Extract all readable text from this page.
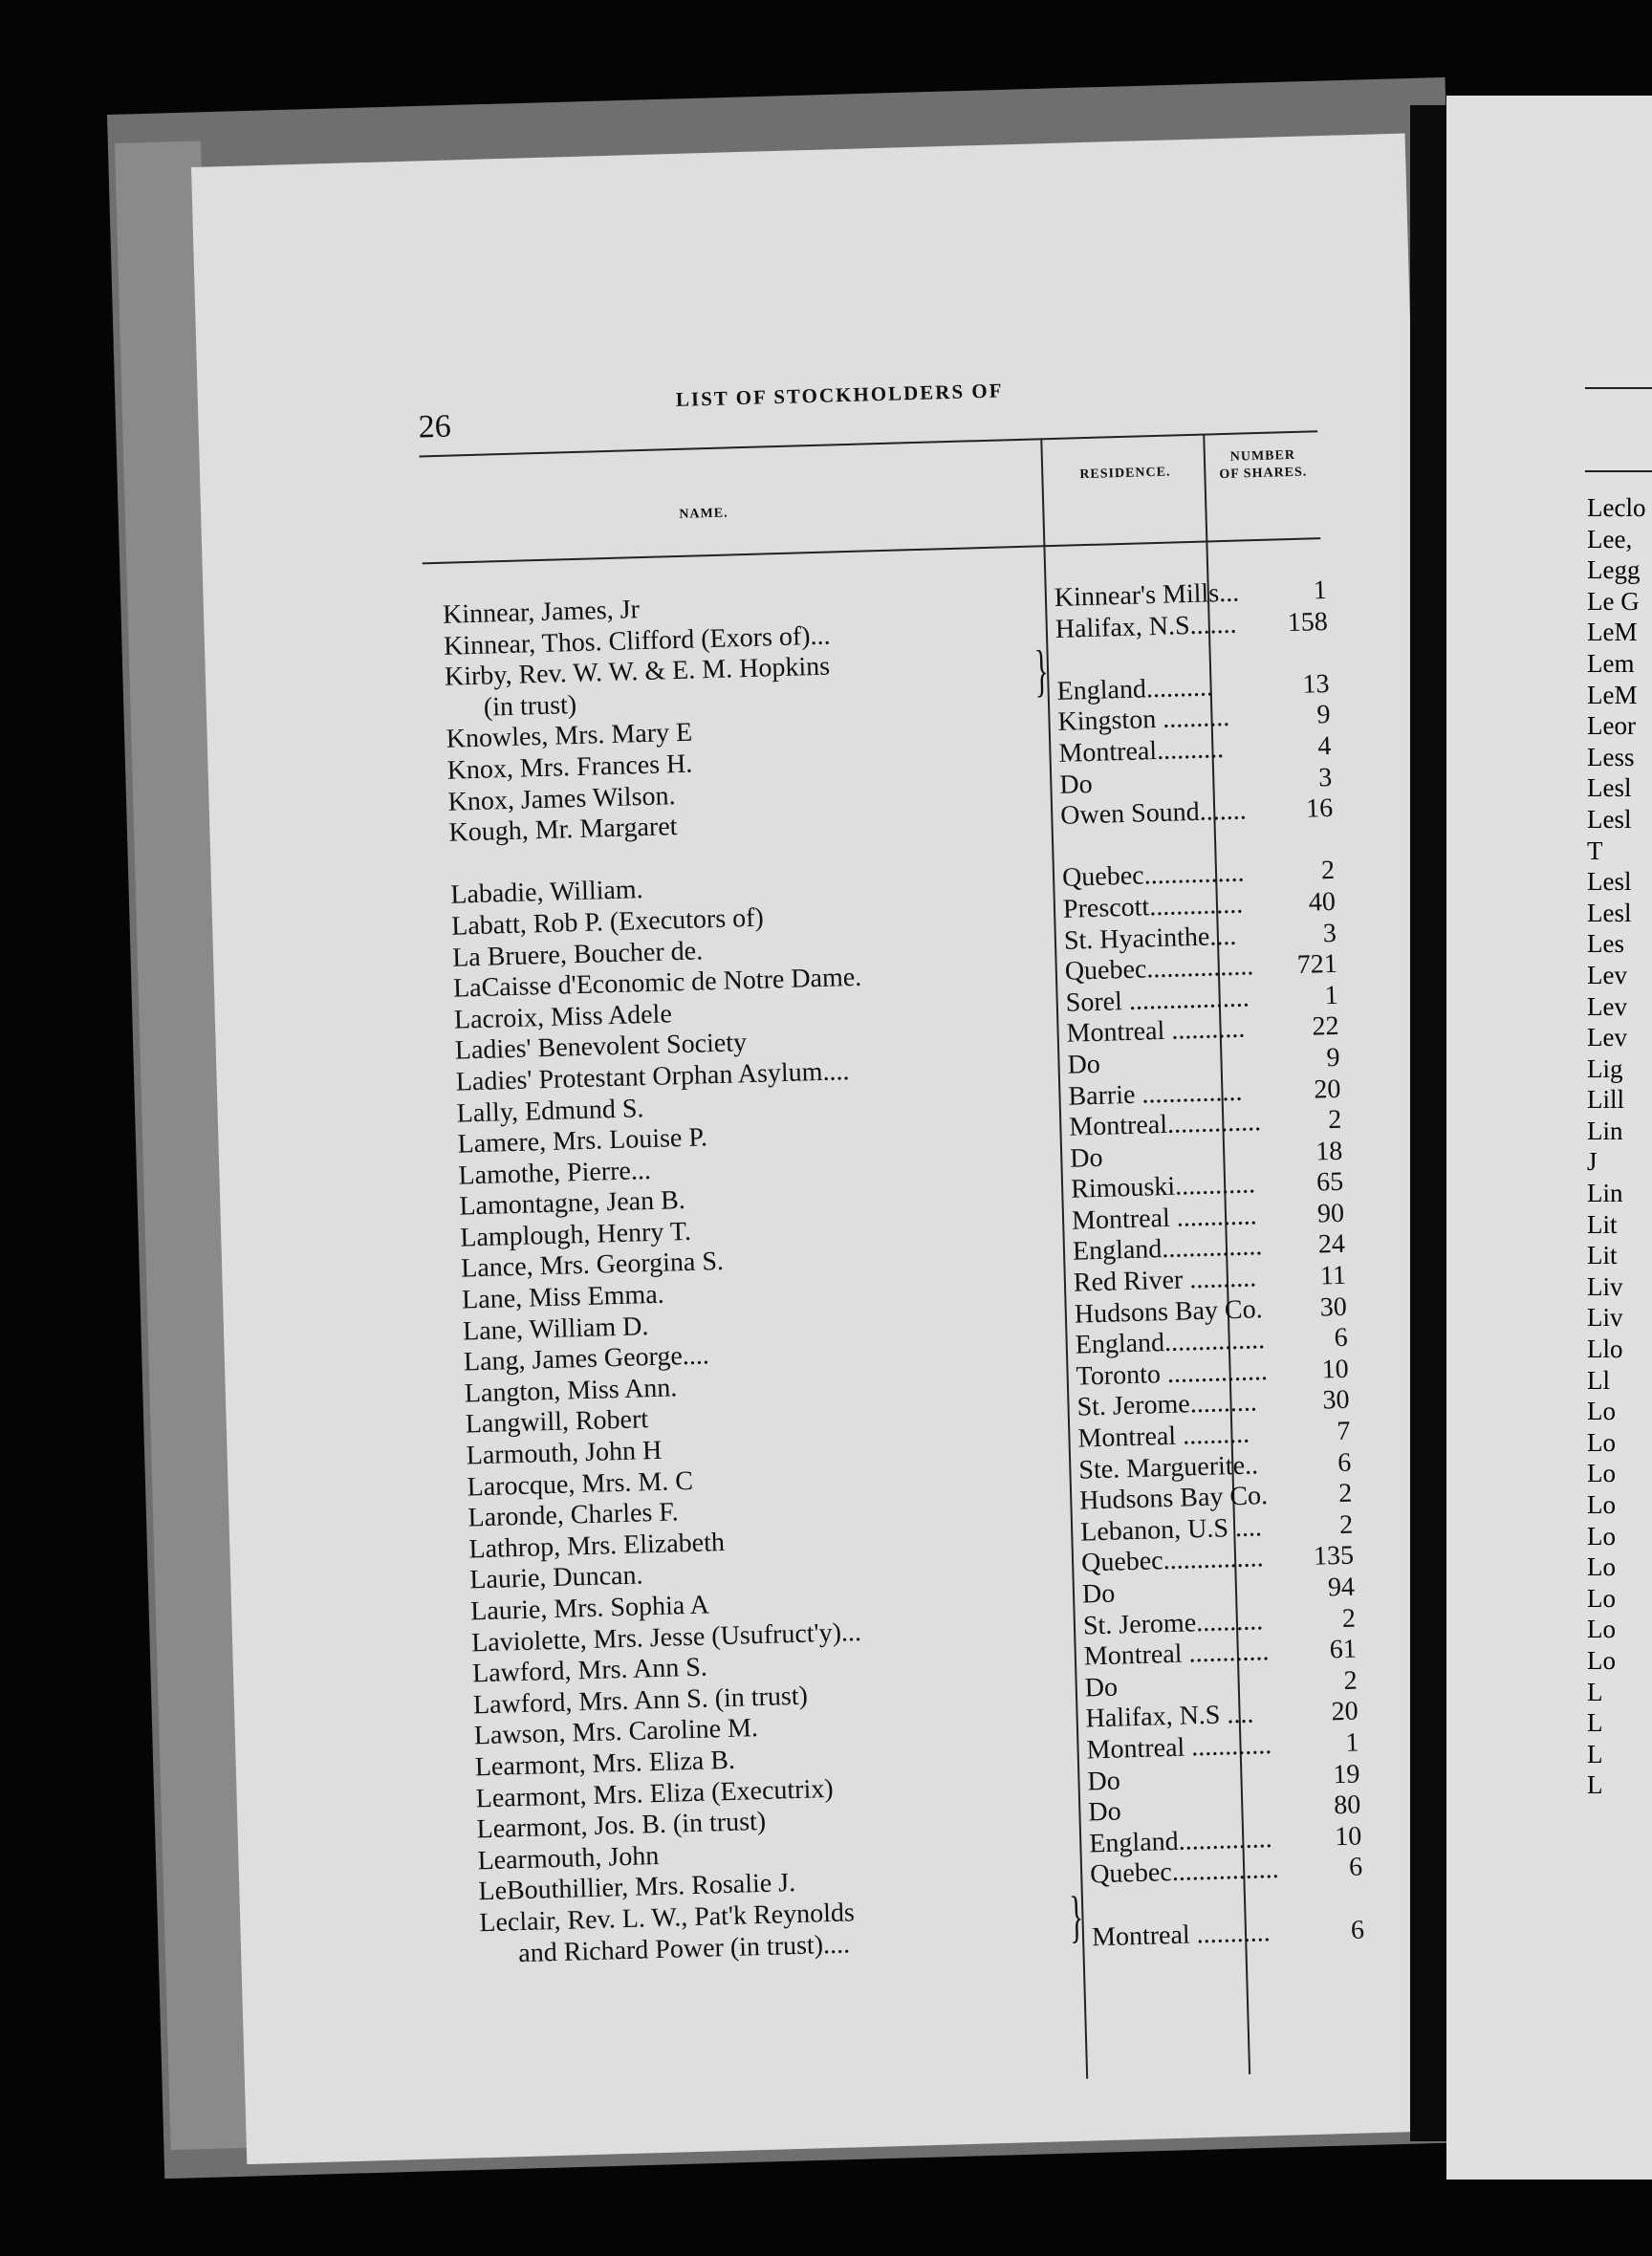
26
LIST OF STOCKHOLDERS OF
NAME.
RESIDENCE.
NUMBER
OF SHARES.
Kinnear, James, Jr	Kinnear's Mills...	1
Kinnear, Thos. Clifford (Exors of)...	Halifax, N.S.......	158
Kirby, Rev. W. W. & E. M. Hopkins
(in trust)	England..........	13
Knowles, Mrs. Mary E	Kingston ..........	9
Knox, Mrs. Frances H.	Montreal..........	4
Knox, James Wilson.	Do	3
Kough, Mr. Margaret	Owen Sound.......	16
Labadie, William.	Quebec...............	2
Labatt, Rob P. (Executors of)	Prescott..............	40
La Bruere, Boucher de.	St. Hyacinthe....	3
LaCaisse d'Economic de Notre Dame.	Quebec................	721
Lacroix, Miss Adele	Sorel ..................	1
Ladies' Benevolent Society	Montreal ...........	22
Ladies' Protestant Orphan Asylum....	Do	9
Lally, Edmund S.	Barrie ...............	20
Lamere, Mrs. Louise P.	Montreal..............	2
Lamothe, Pierre...	Do	18
Lamontagne, Jean B.	Rimouski............	65
Lamplough, Henry T.	Montreal ............	90
Lance, Mrs. Georgina S.	England...............	24
Lane, Miss Emma.	Red River ..........	11
Lane, William D.	Hudsons Bay Co.	30
Lang, James George....	England...............	6
Langton, Miss Ann.	Toronto ...............	10
Langwill, Robert	St. Jerome..........	30
Larmouth, John H	Montreal ..........	7
Larocque, Mrs. M. C	Ste. Marguerite..	6
Laronde, Charles F.	Hudsons Bay Co.	2
Lathrop, Mrs. Elizabeth	Lebanon, U.S ....	2
Laurie, Duncan.	Quebec...............	135
Laurie, Mrs. Sophia A	Do	94
Laviolette, Mrs. Jesse (Usufruct'y)...	St. Jerome..........	2
Lawford, Mrs. Ann S.	Montreal ............	61
Lawford, Mrs. Ann S. (in trust)	Do	2
Lawson, Mrs. Caroline M.	Halifax, N.S ....	20
Learmont, Mrs. Eliza B.	Montreal ............	1
Learmont, Mrs. Eliza (Executrix)	Do	19
Learmont, Jos. B. (in trust)	Do	80
Learmouth, John	England..............	10
LeBouthillier, Mrs. Rosalie J.	Quebec................	6
Leclair, Rev. L. W., Pat'k Reynolds
and Richard Power (in trust)....	Montreal ...........	6
}
}
Leclo
Lee,
Legg
Le G
LeM
Lem
LeM
Leor
Less
Lesl
Lesl
T
Lesl
Lesl
Les
Lev
Lev
Lev
Lig
Lill
Lin
J
Lin
Lit
Lit
Liv
Liv
Llo
Ll
Lo
Lo
Lo
Lo
Lo
Lo
Lo
Lo
Lo
L
L
L
L
